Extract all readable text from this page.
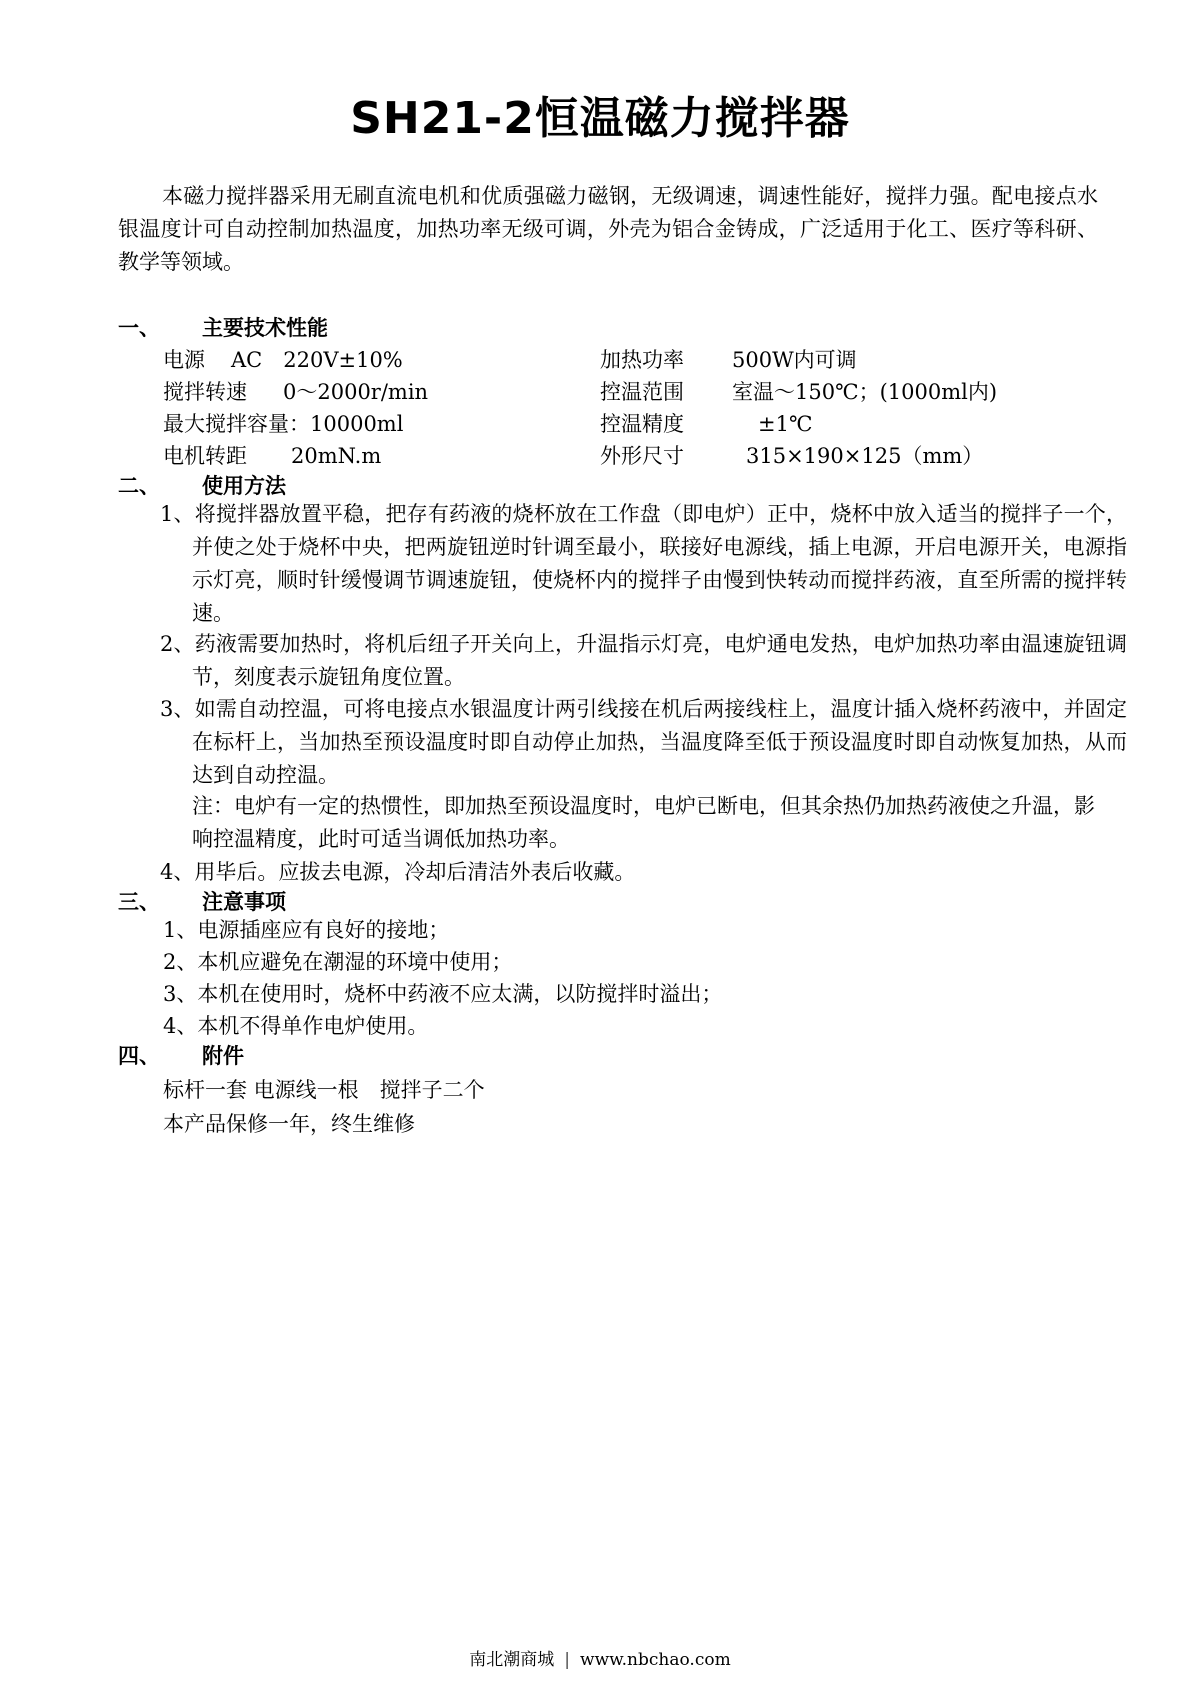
SH21-2恒温磁力搅拌器
本磁力搅拌器采用无刷直流电机和优质强磁力磁钢，无级调速，调速性能好，搅拌力强。配电接点水银温度计可自动控制加热温度，加热功率无级可调，外壳为铝合金铸成，广泛适用于化工、医疗等科研、教学等领域。
一、 主要技术性能
电源 AC　220V±10%
搅拌转速 0～2000r/min
最大搅拌容量：10000ml
电机转距 20mN.m
加热功率 500W内可调
控温范围 室温～150℃；(1000ml内)
控温精度	±1℃
外形尺寸	315×190×125（mm）
二、 使用方法
1、将搅拌器放置平稳，把存有药液的烧杯放在工作盘（即电炉）正中，烧杯中放入适当的搅拌子一个，并使之处于烧杯中央，把两旋钮逆时针调至最小，联接好电源线，插上电源，开启电源开关，电源指示灯亮，顺时针缓慢调节调速旋钮，使烧杯内的搅拌子由慢到快转动而搅拌药液，直至所需的搅拌转速。
2、药液需要加热时，将机后纽子开关向上，升温指示灯亮，电炉通电发热，电炉加热功率由温速旋钮调节，刻度表示旋钮角度位置。
3、如需自动控温，可将电接点水银温度计两引线接在机后两接线柱上，温度计插入烧杯药液中，并固定在标杆上，当加热至预设温度时即自动停止加热，当温度降至低于预设温度时即自动恢复加热，从而达到自动控温。
注：电炉有一定的热惯性，即加热至预设温度时，电炉已断电，但其余热仍加热药液使之升温，影响控温精度，此时可适当调低加热功率。
4、用毕后。应拔去电源，冷却后清洁外表后收藏。
三、 注意事项
1、电源插座应有良好的接地；
2、本机应避免在潮湿的环境中使用；
3、本机在使用时，烧杯中药液不应太满，以防搅拌时溢出；
4、本机不得单作电炉使用。
四、 附件
标杆一套 电源线一根　搅拌子二个
本产品保修一年，终生维修
南北潮商城 | www.nbchao.com
